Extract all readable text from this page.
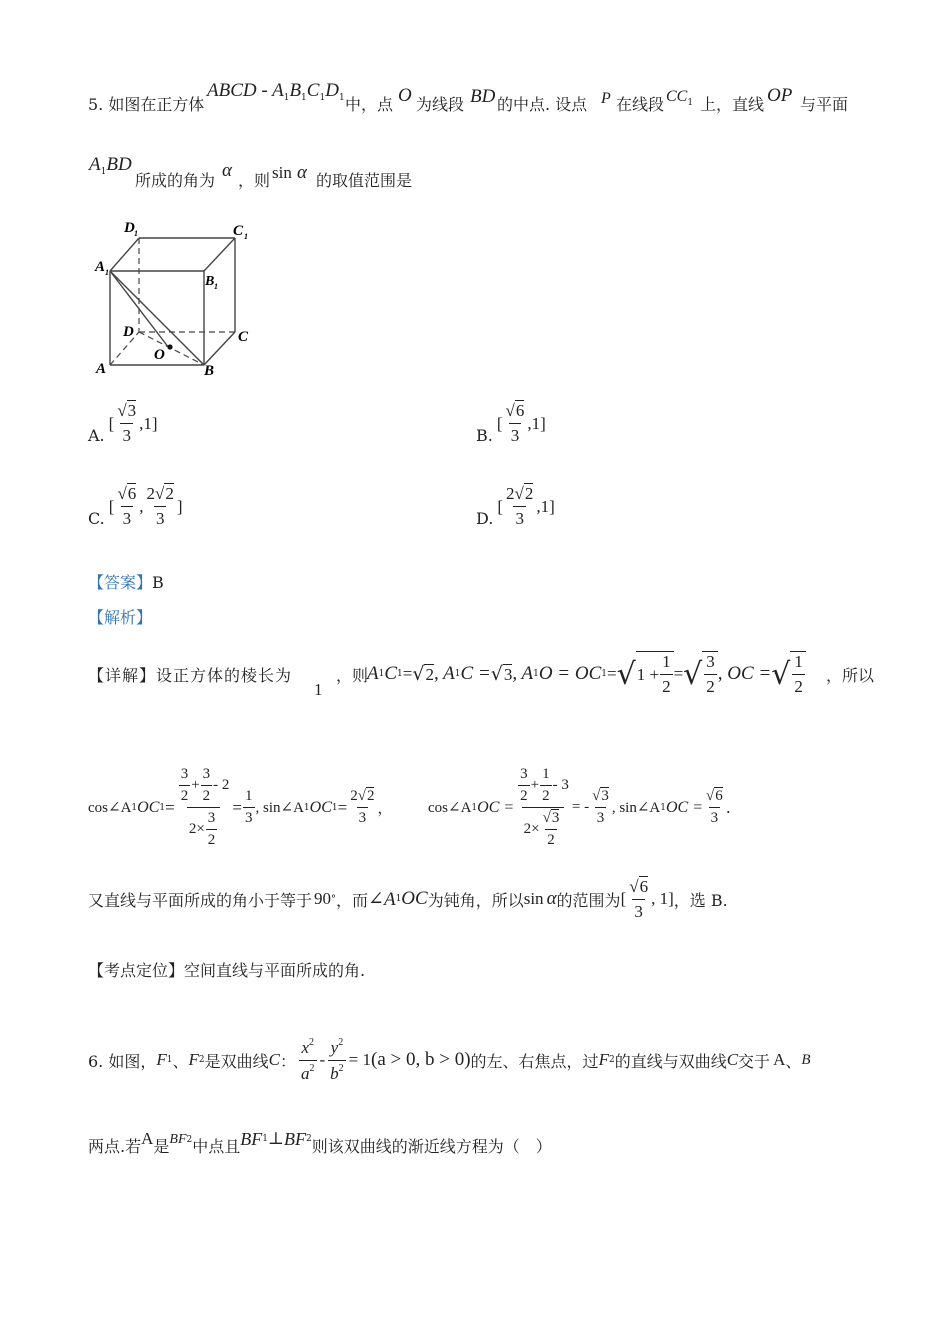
5. 如图在正方体
ABCD - $A_1B_1C_1D_1$ 中，点 O 为线段 BD 的中点. 设点 P 在线段 $CC_1$ 上，直线 OP 与平面
$A_1BD$
所成的角为 α ，则 sin α 的取值范围是
D 1	C 1
A 1
B 1
D	C
O
A	B
A.
[ $\frac{√3}{3} ,1$]
B.
[ $\frac{√6}{3} ,1$]
C.
[ $\frac{√6}{3}$ , $\frac{2√2}{3}$ ]
D.
[ $\frac{2√2}{3} ,1$]
【答案】B
【解析】
【详解】设正方体的棱长为
1
，则
A 1 C 1 = √ 2 , A 1 C = √ 3 , A 1 O = OC 1 = √ $1 + \frac{1}{2}$ = √ $\frac{3}{2}$ , OC = √ $\frac{1}{2}$ ，所以
cos∠A 1 OC $1 = \frac{\frac{3}{2} + \frac{3}{2} - 2}{2\times \frac{3}{2}} = \frac{1}{3}$ , sin∠A 1 OC $1 = \frac{2√2}{3}$ ， cos∠A 1 OC = $\frac{\frac{3}{2} + \frac{1}{2} - 3}{2\times \frac{√3}{2}}$ = - $\frac{√3}{3}$ , sin∠A 1 OC = $\frac{√6}{3}$ .
又直线与平面所成的角小于等于 90 ° ，而 ∠A 1 OC 为钝角，所以 sin α 的范围为 [ $\frac{√6}{3}$ , 1] ，选 B.
【考点定位】空间直线与平面所成的角.
6. 如图， F 1 、 F 2 是双曲线 C ： $\frac{x^2}{a^2} - \frac{y^2}{b^2} = 1$ (a > 0, b > 0) 的左、右焦点，过 F 2 的直线与双曲线 C 交于 A 、 B
两点.若 A 是 BF 2 中点且 BF 1 ⊥ BF 2 则该双曲线的渐近线方程为（　）
